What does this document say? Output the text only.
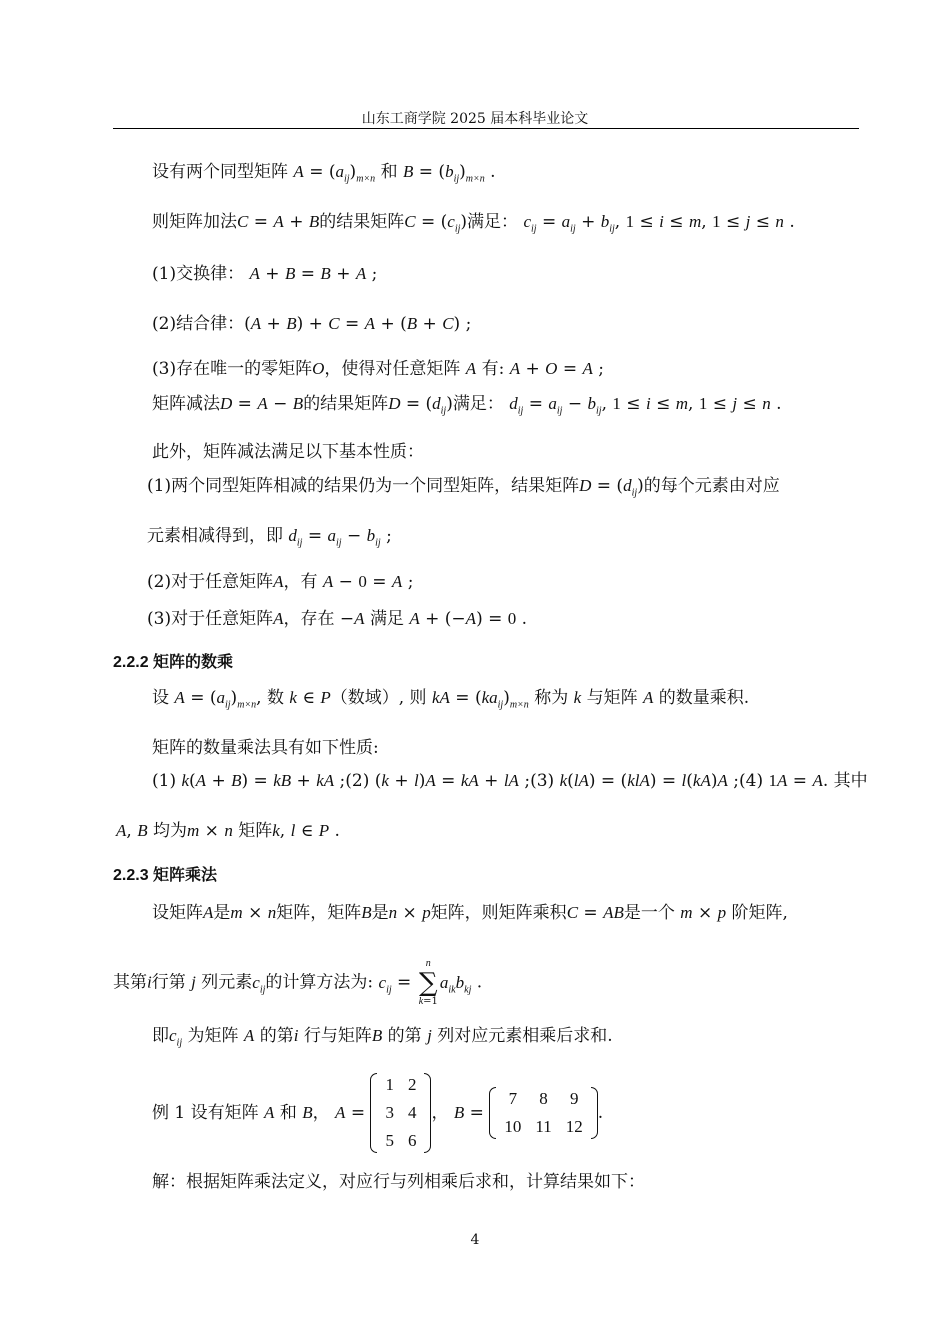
山东工商学院 2025 届本科毕业论文
设有两个同型矩阵 $A = (a_{ij})_{m\times n}$ 和 $B = (b_{ij})_{m\times n}$ .
则矩阵加法C = A + B的结果矩阵$C = (c_{ij})$满足： $c_{ij} = a_{ij} + b_{ij}$, 1 ≤ i ≤ m, 1 ≤ j ≤ n .
(1)交换律： A + B = B + A ;
(2)结合律：(A + B) + C = A + (B + C) ;
(3)存在唯一的零矩阵O，使得对任意矩阵 A 有: A + O = A ;
矩阵减法D = A − B的结果矩阵$D = (d_{ij})$满足： $d_{ij} = a_{ij} - b_{ij}$, 1 ≤ i ≤ m, 1 ≤ j ≤ n .
此外，矩阵减法满足以下基本性质：
(1)两个同型矩阵相减的结果仍为一个同型矩阵，结果矩阵$D = (d_{ij})$的每个元素由对应
元素相减得到，即 $d_{ij} = a_{ij} - b_{ij}$ ;
(2)对于任意矩阵A，有 A − 0 = A ;
(3)对于任意矩阵A，存在 −A 满足 A + (−A) = 0 .
2.2.2 矩阵的数乘
设 $A = (a_{ij})_{m\times n}$, 数 k ∈ P（数域）, 则 kA = $(ka_{ij})_{m\times n}$ 称为 k 与矩阵 A 的数量乘积.
矩阵的数量乘法具有如下性质:
(1) k(A + B) = kB + kA ;(2) (k + l)A = kA + lA ;(3) k(lA) = (klA) = l(kA)A ;(4) 1A = A. 其中
A, B 均为m × n 矩阵k, l ∈ P .
2.2.3 矩阵乘法
设矩阵A是m × n矩阵，矩阵B是n × p矩阵，则矩阵乘积C = AB是一个 m × p 阶矩阵,
其第i行第 j 列元素$c_{ij}$的计算方法为: $c_{ij}$ =
n
∑
k=1
$a_{ik}b_{kj}$ .
即$c_{ij}$ 为矩阵 A 的第i 行与矩阵B 的第 j 列对应元素相乘后求和.
例 1 设有矩阵
A
和
B ， A =
1	2
3	4
5	6
， B =
7	8	9
10	11	12
.
解：根据矩阵乘法定义，对应行与列相乘后求和，计算结果如下：
4
